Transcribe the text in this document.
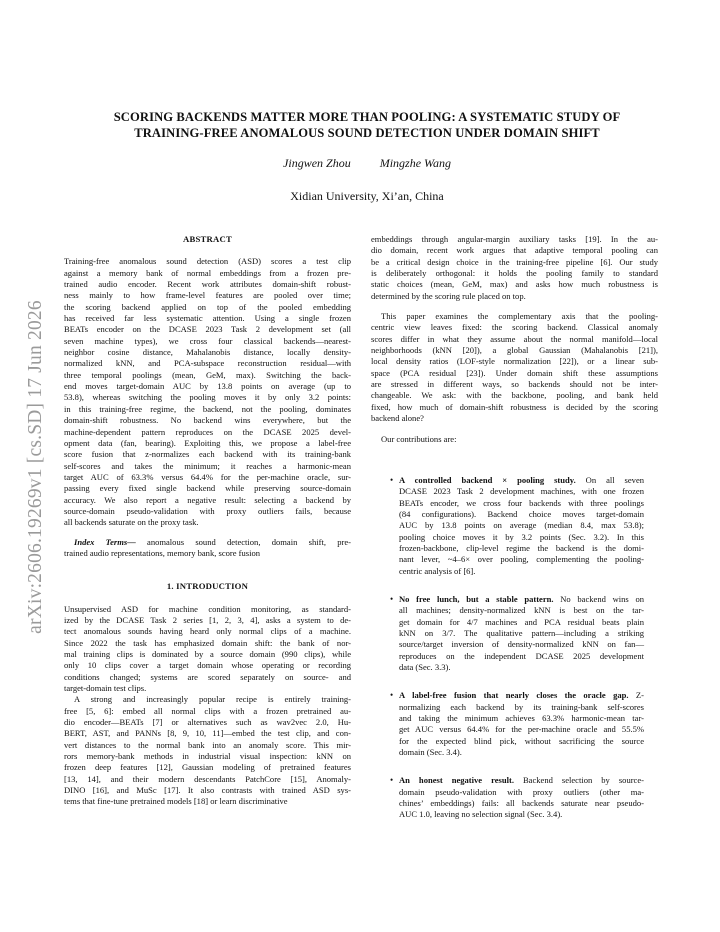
arXiv:2606.19269v1 [cs.SD] 17 Jun 2026
SCORING BACKENDS MATTER MORE THAN POOLING: A SYSTEMATIC STUDY OF
TRAINING-FREE ANOMALOUS SOUND DETECTION UNDER DOMAIN SHIFT
Jingwen Zhou Mingzhe Wang
Xidian University, Xi’an, China
ABSTRACT
Training-free anomalous sound detection (ASD) scores a test clip
against a memory bank of normal embeddings from a frozen pre-
trained audio encoder. Recent work attributes domain-shift robust-
ness mainly to how frame-level features are pooled over time;
the scoring backend applied on top of the pooled embedding
has received far less systematic attention. Using a single frozen
BEATs encoder on the DCASE 2023 Task 2 development set (all
seven machine types), we cross four classical backends—nearest-
neighbor cosine distance, Mahalanobis distance, locally density-
normalized kNN, and PCA-subspace reconstruction residual—with
three temporal poolings (mean, GeM, max). Switching the back-
end moves target-domain AUC by 13.8 points on average (up to
53.8), whereas switching the pooling moves it by only 3.2 points:
in this training-free regime, the backend, not the pooling, dominates
domain-shift robustness. No backend wins everywhere, but the
machine-dependent pattern reproduces on the DCASE 2025 devel-
opment data (fan, bearing). Exploiting this, we propose a label-free
score fusion that z-normalizes each backend with its training-bank
self-scores and takes the minimum; it reaches a harmonic-mean
target AUC of 63.3% versus 64.4% for the per-machine oracle, sur-
passing every fixed single backend while preserving source-domain
accuracy. We also report a negative result: selecting a backend by
source-domain pseudo-validation with proxy outliers fails, because
all backends saturate on the proxy task.
Index Terms— anomalous sound detection, domain shift, pre-
trained audio representations, memory bank, score fusion
1. INTRODUCTION
Unsupervised ASD for machine condition monitoring, as standard-
ized by the DCASE Task 2 series [1, 2, 3, 4], asks a system to de-
tect anomalous sounds having heard only normal clips of a machine.
Since 2022 the task has emphasized domain shift: the bank of nor-
mal training clips is dominated by a source domain (990 clips), while
only 10 clips cover a target domain whose operating or recording
conditions changed; systems are scored separately on source- and
target-domain test clips.
A strong and increasingly popular recipe is entirely training-
free [5, 6]: embed all normal clips with a frozen pretrained au-
dio encoder—BEATs [7] or alternatives such as wav2vec 2.0, Hu-
BERT, AST, and PANNs [8, 9, 10, 11]—embed the test clip, and con-
vert distances to the normal bank into an anomaly score. This mir-
rors memory-bank methods in industrial visual inspection: kNN on
frozen deep features [12], Gaussian modeling of pretrained features
[13, 14], and their modern descendants PatchCore [15], Anomaly-
DINO [16], and MuSc [17]. It also contrasts with trained ASD sys-
tems that fine-tune pretrained models [18] or learn discriminative
embeddings through angular-margin auxiliary tasks [19]. In the au-
dio domain, recent work argues that adaptive temporal pooling can
be a critical design choice in the training-free pipeline [6]. Our study
is deliberately orthogonal: it holds the pooling family to standard
static choices (mean, GeM, max) and asks how much robustness is
determined by the scoring rule placed on top.
This paper examines the complementary axis that the pooling-
centric view leaves fixed: the scoring backend. Classical anomaly
scores differ in what they assume about the normal manifold—local
neighborhoods (kNN [20]), a global Gaussian (Mahalanobis [21]),
local density ratios (LOF-style normalization [22]), or a linear sub-
space (PCA residual [23]). Under domain shift these assumptions
are stressed in different ways, so backends should not be inter-
changeable. We ask: with the backbone, pooling, and bank held
fixed, how much of domain-shift robustness is decided by the scoring
backend alone?
Our contributions are:
• A controlled backend × pooling study. On all seven
DCASE 2023 Task 2 development machines, with one frozen
BEATs encoder, we cross four backends with three poolings
(84 configurations). Backend choice moves target-domain
AUC by 13.8 points on average (median 8.4, max 53.8);
pooling choice moves it by 3.2 points (Sec. 3.2). In this
frozen-backbone, clip-level regime the backend is the domi-
nant lever, ~4–6× over pooling, complementing the pooling-
centric analysis of [6].
• No free lunch, but a stable pattern. No backend wins on
all machines; density-normalized kNN is best on the tar-
get domain for 4/7 machines and PCA residual beats plain
kNN on 3/7. The qualitative pattern—including a striking
source/target inversion of density-normalized kNN on fan—
reproduces on the independent DCASE 2025 development
data (Sec. 3.3).
• A label-free fusion that nearly closes the oracle gap. Z-
normalizing each backend by its training-bank self-scores
and taking the minimum achieves 63.3% harmonic-mean tar-
get AUC versus 64.4% for the per-machine oracle and 55.5%
for the expected blind pick, without sacrificing the source
domain (Sec. 3.4).
• An honest negative result. Backend selection by source-
domain pseudo-validation with proxy outliers (other ma-
chines’ embeddings) fails: all backends saturate near pseudo-
AUC 1.0, leaving no selection signal (Sec. 3.4).
